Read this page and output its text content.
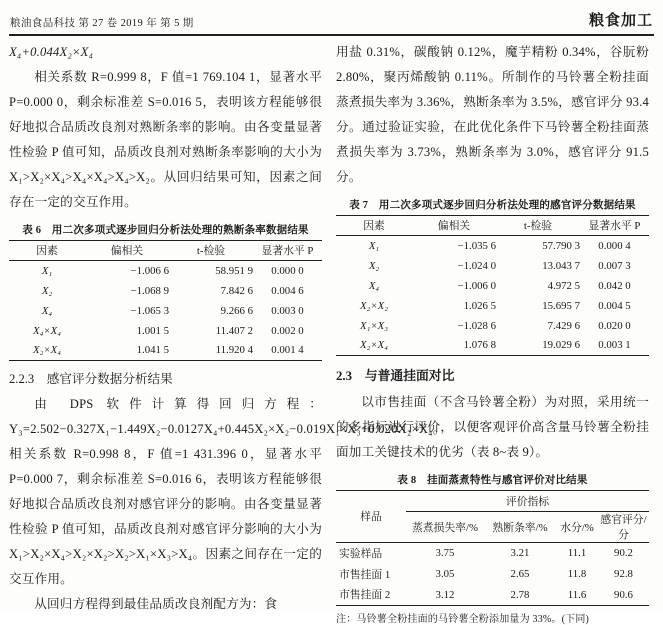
粮油食品科技 第 27 卷 2019 年 第 5 期	粮食加工

X₄+0.044X₂×X₄

相关系数 R=0.999 8，F 值=1 769.104 1，显著水平 P=0.000 0，剩余标准差 S=0.016 5，表明该方程能够很好地拟合品质改良剂对熟断条率的影响。由各变量显著性检验 P 值可知，品质改良剂对熟断条率影响的大小为 X₁>X₂×X₄>X₄×X₄>X₄>X₂。从回归结果可知，因素之间存在一定的交互作用。

表 6　用二次多项式逐步回归分析法处理的熟断条率数据结果
因素	偏相关	t-检验	显著水平 P
X₁	−1.006 6	58.951 9	0.000 0
X₂	−1.068 9	7.842 6	0.004 6
X₄	−1.065 3	9.266 6	0.003 0
X₄×X₄	1.001 5	11.407 2	0.002 0
X₂×X₄	1.041 5	11.920 4	0.001 4
2.2.3 感官评分数据分析结果

由 DPS 软件计算得回归方程：Y₃=2.502−0.327X₁−1.449X₂−0.0127X₄+0.445X₂×X₂−0.019X₁×X₃+0.020X₂×X₄。相关系数 R=0.998 8，F 值=1 431.396 0，显著水平 P=0.000 7，剩余标准差 S=0.016 6，表明该方程能够很好地拟合品质改良剂对感官评分的影响。由各变量显著性检验 P 值可知，品质改良剂对感官评分影响的大小为 X₁>X₂×X₄>X₂×X₂>X₂>X₁×X₃>X₄。因素之间存在一定的交互作用。

从回归方程得到最佳品质改良剂配方为：食

用盐 0.31%，碳酸钠 0.12%，魔芋精粉 0.34%，谷朊粉 2.80%，聚丙烯酸钠 0.11%。所制作的马铃薯全粉挂面蒸煮损失率为 3.36%，熟断条率为 3.5%，感官评分 93.4 分。通过验证实验，在此优化条件下马铃薯全粉挂面蒸煮损失率为 3.73%，熟断条率为 3.0%，感官评分 91.5 分。

表 7　用二次多项式逐步回归分析法处理的感官评分数据结果
因素	偏相关	t-检验	显著水平 P
X₁	−1.035 6	57.790 3	0.000 4
X₂	−1.024 0	13.043 7	0.007 3
X₄	−1.006 0	4.972 5	0.042 0
X₂×X₂	1.026 5	15.695 7	0.004 5
X₁×X₃	−1.028 6	7.429 6	0.020 0
X₂×X₄	1.076 8	19.029 6	0.003 1
2.3 与普通挂面对比

以市售挂面（不含马铃薯全粉）为对照，采用统一的多指标进行评价，以便客观评价高含量马铃薯全粉挂面加工关键技术的优劣（表 8~表 9）。

表 8　挂面蒸煮特性与感官评价对比结果
样品	评价指标			
	蒸煮损失率/%	熟断条率/%	水分/%	感官评分/分
实验样品	3.75	3.21	11.1	90.2
市售挂面 1	3.05	2.65	11.8	92.8
市售挂面 2	3.12	2.78	11.6	90.6
注：马铃薯全粉挂面的马铃薯全粉添加量为 33%。(下同)
